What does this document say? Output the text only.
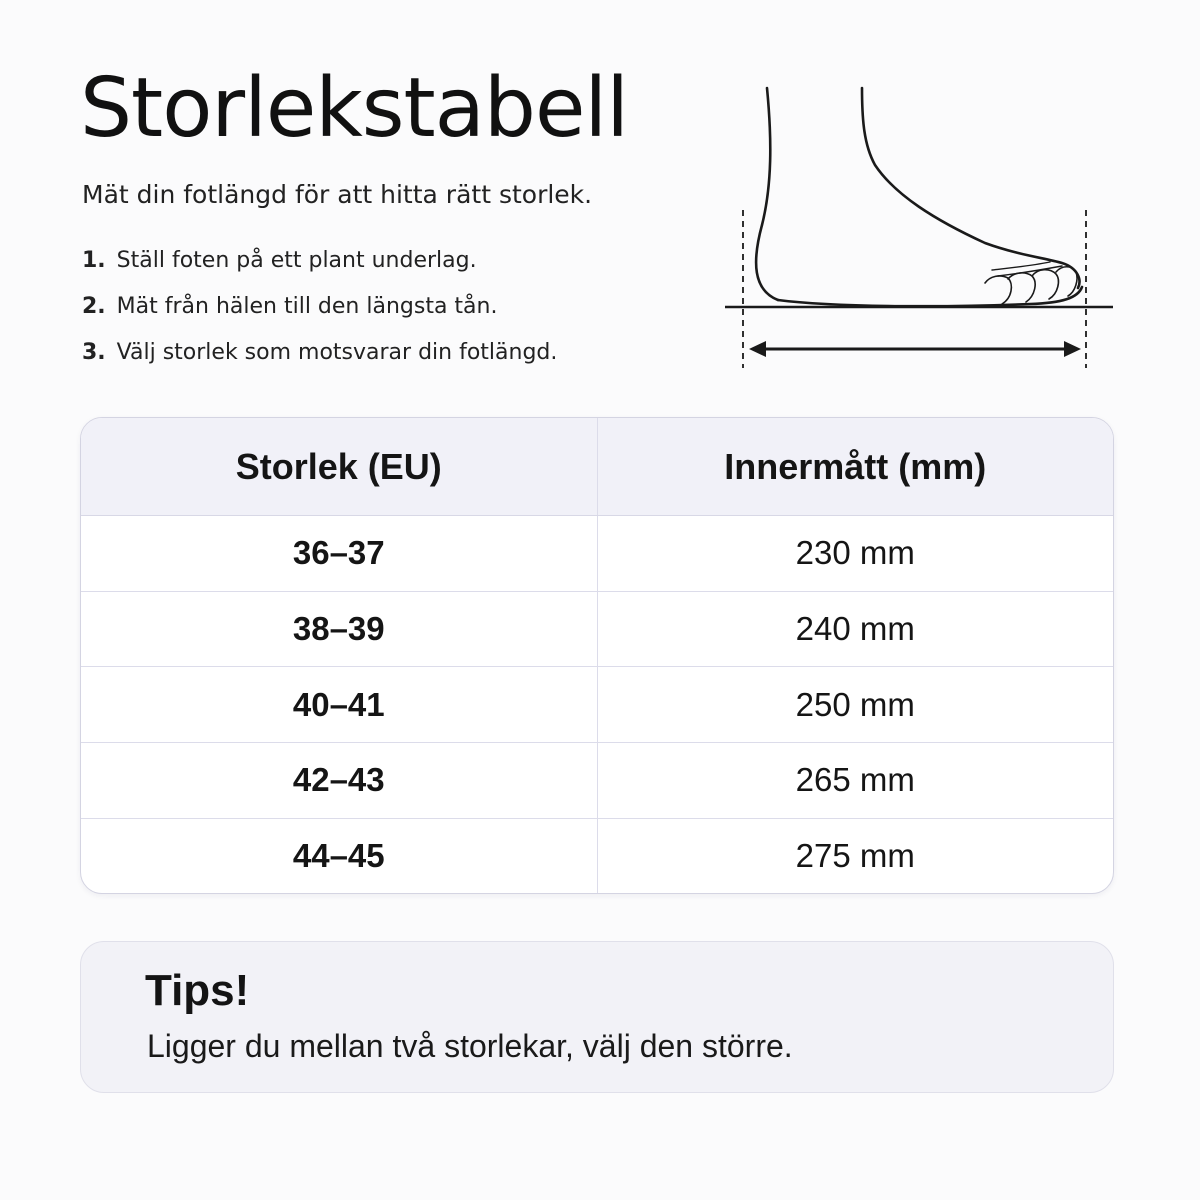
Storlekstabell

Mät din fotlängd för att hitta rätt storlek.

1. Ställ foten på ett plant underlag.
2. Mät från hälen till den längsta tån.
3. Välj storlek som motsvarar din fotlängd.
Storlek (EU)	Innermått (mm)
36–37	230 mm
38–39	240 mm
40–41	250 mm
42–43	265 mm
44–45	275 mm

Tips!

Ligger du mellan två storlekar, välj den större.
